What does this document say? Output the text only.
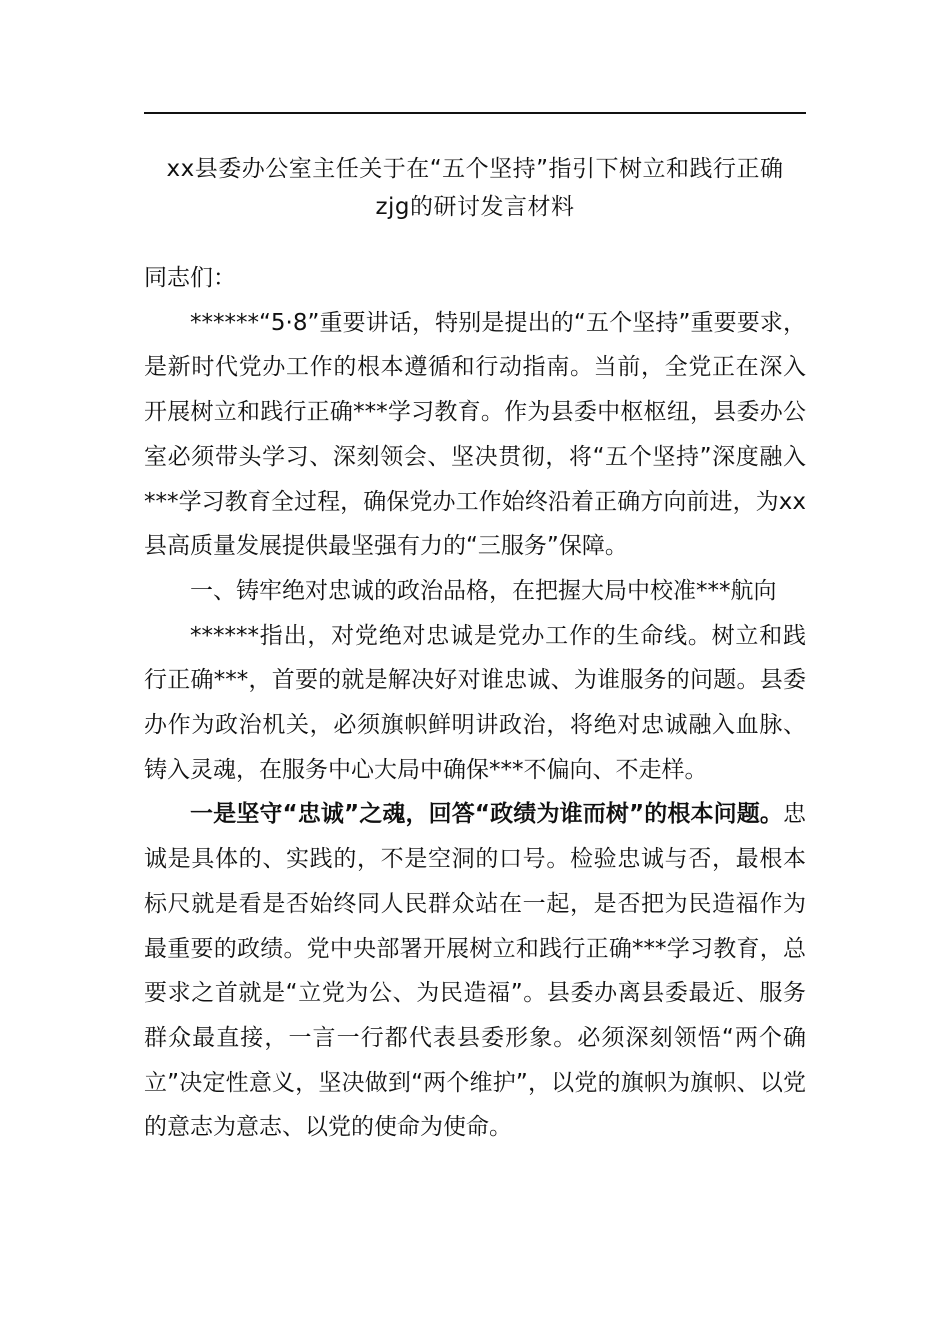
xx县委办公室主任关于在“五个坚持”指引下树立和践行正确
zjg的研讨发言材料

同志们：

******“5·8”重要讲话，特别是提出的“五个坚持”重要要求，是新时代党办工作的根本遵循和行动指南。当前，全党正在深入开展树立和践行正确***学习教育。作为县委中枢枢纽，县委办公室必须带头学习、深刻领会、坚决贯彻，将“五个坚持”深度融入***学习教育全过程，确保党办工作始终沿着正确方向前进，为xx县高质量发展提供最坚强有力的“三服务”保障。

一、铸牢绝对忠诚的政治品格，在把握大局中校准***航向

******指出，对党绝对忠诚是党办工作的生命线。树立和践行正确***，首要的就是解决好对谁忠诚、为谁服务的问题。县委办作为政治机关，必须旗帜鲜明讲政治，将绝对忠诚融入血脉、铸入灵魂，在服务中心大局中确保***不偏向、不走样。

一是坚守“忠诚”之魂，回答“政绩为谁而树”的根本问题。忠诚是具体的、实践的，不是空洞的口号。检验忠诚与否，最根本标尺就是看是否始终同人民群众站在一起，是否把为民造福作为最重要的政绩。党中央部署开展树立和践行正确***学习教育，总要求之首就是“立党为公、为民造福”。县委办离县委最近、服务群众最直接，一言一行都代表县委形象。必须深刻领悟“两个确立”决定性意义，坚决做到“两个维护”，以党的旗帜为旗帜、以党的意志为意志、以党的使命为使命。
